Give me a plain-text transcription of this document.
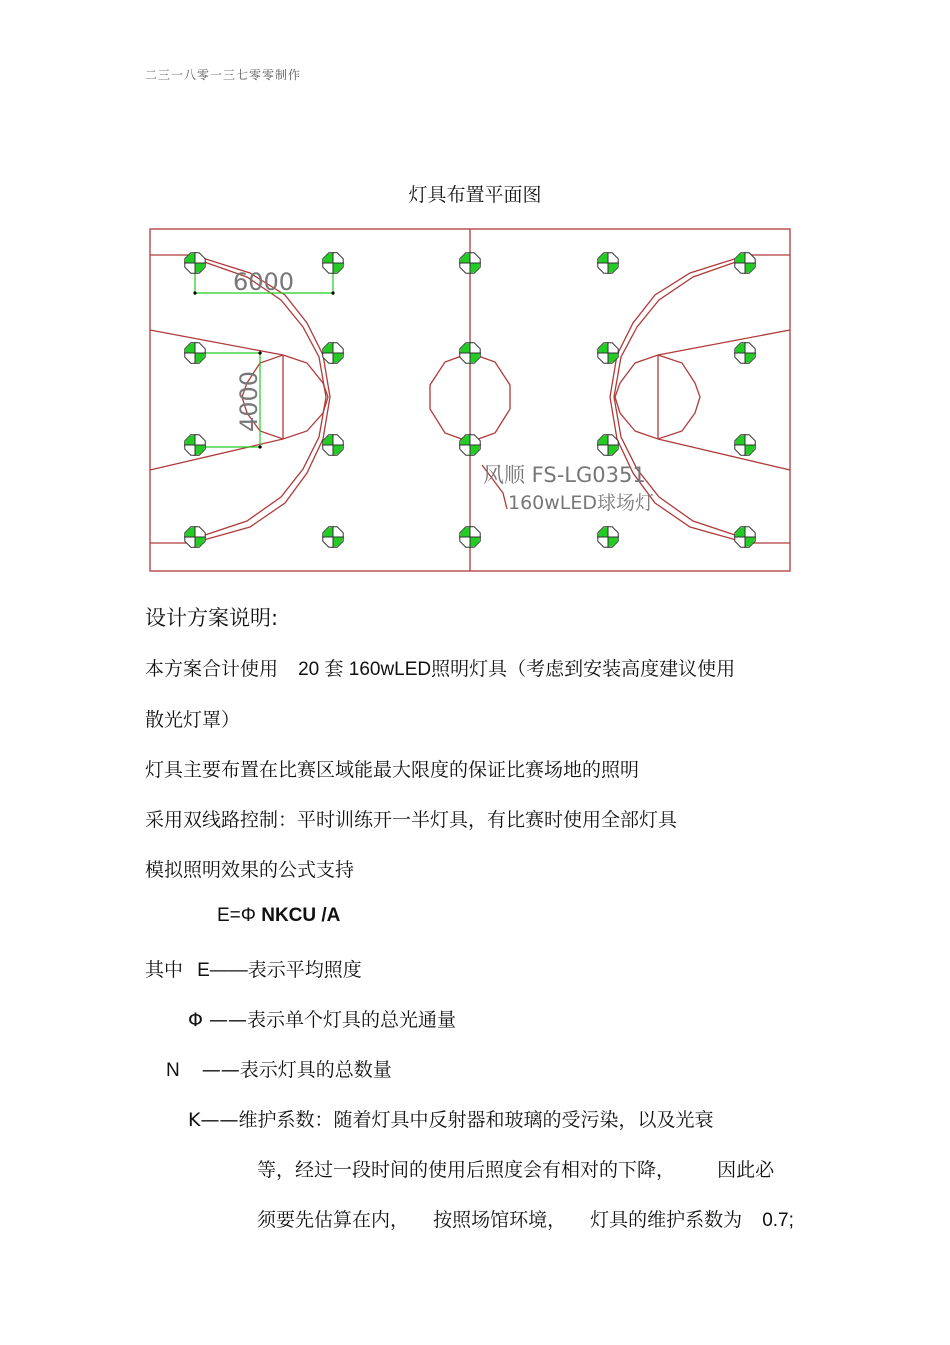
二三一八零一三七零零制作
灯具布置平面图
6000
4000
风顺 FS-LG0351
160wLED球场灯
设计方案说明:
本方案合计使用 20 套 160wLED照明灯具（考虑到安装高度建议使用
散光灯罩）
灯具主要布置在比赛区域能最大限度的保证比赛场地的照明
采用双线路控制：平时训练开一半灯具，有比赛时使用全部灯具
模拟照明效果的公式支持
E=Φ NKCU /A
其中 E——表示平均照度
Φ ——表示单个灯具的总光通量
N ——表示灯具的总数量
K——维护系数：随着灯具中反射器和玻璃的受污染，以及光衰
等，经过一段时间的使用后照度会有相对的下降， 因此必
须要先估算在内， 按照场馆环境， 灯具的维护系数为 0.7;
